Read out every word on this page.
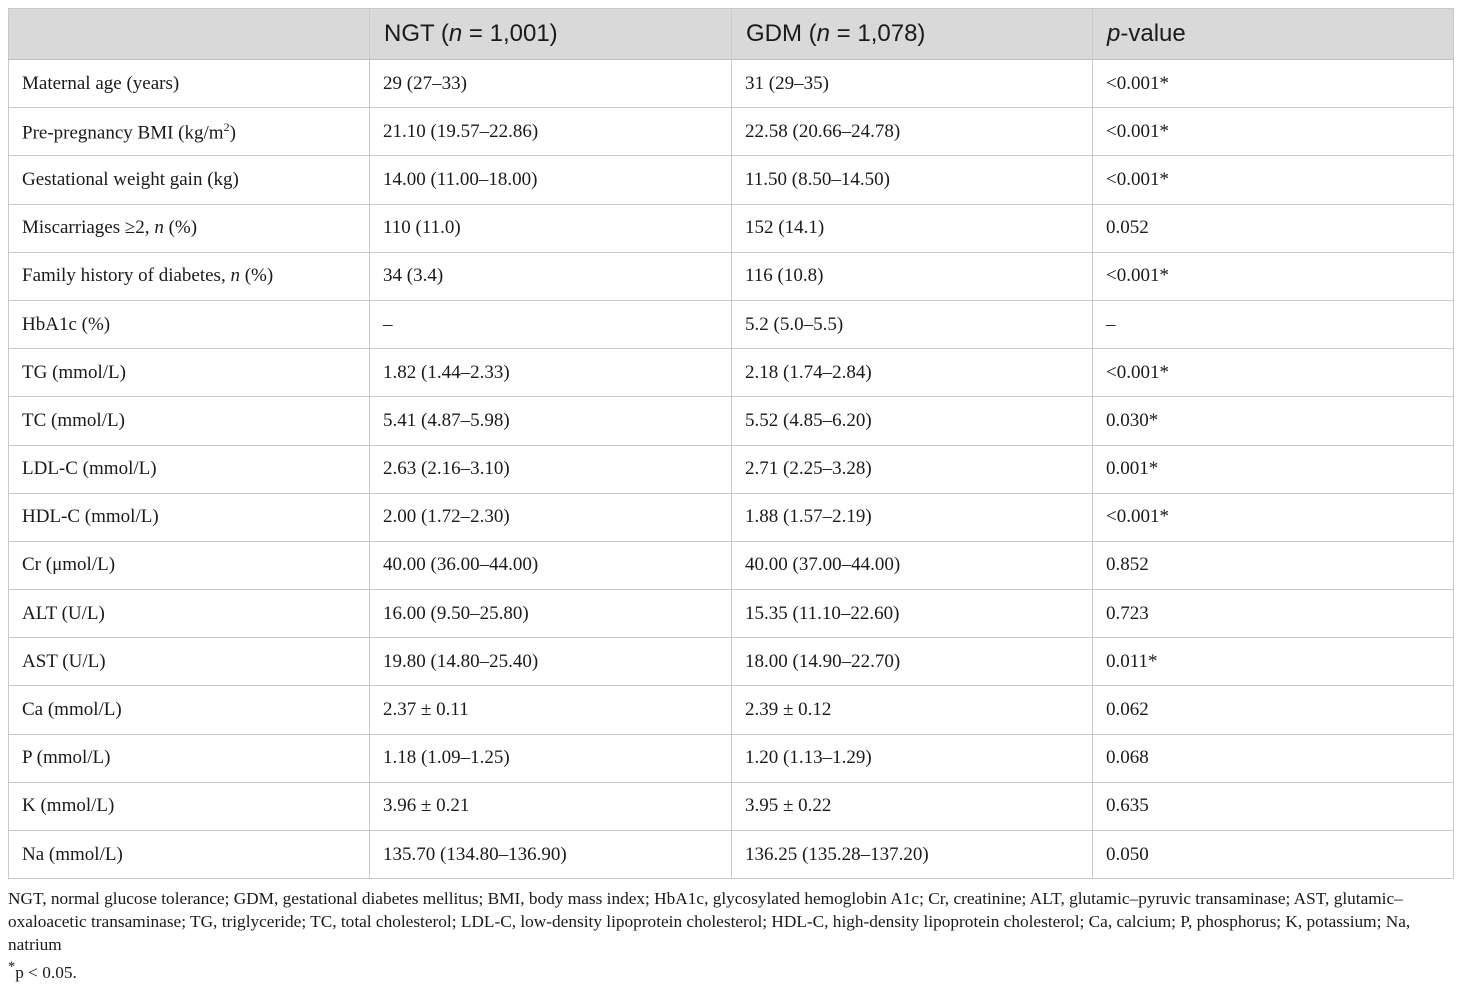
	NGT (n = 1,001)	GDM (n = 1,078)	p-value
Maternal age (years)	29 (27–33)	31 (29–35)	<0.001*
Pre-pregnancy BMI $(kg/m^2)$	21.10 (19.57–22.86)	22.58 (20.66–24.78)	<0.001*
Gestational weight gain (kg)	14.00 (11.00–18.00)	11.50 (8.50–14.50)	<0.001*
Miscarriages ≥2, n (%)	110 (11.0)	152 (14.1)	0.052
Family history of diabetes, n (%)	34 (3.4)	116 (10.8)	<0.001*
HbA1c (%)	–	5.2 (5.0–5.5)	–
TG (mmol/L)	1.82 (1.44–2.33)	2.18 (1.74–2.84)	<0.001*
TC (mmol/L)	5.41 (4.87–5.98)	5.52 (4.85–6.20)	0.030*
LDL-C (mmol/L)	2.63 (2.16–3.10)	2.71 (2.25–3.28)	0.001*
HDL-C (mmol/L)	2.00 (1.72–2.30)	1.88 (1.57–2.19)	<0.001*
Cr (μmol/L)	40.00 (36.00–44.00)	40.00 (37.00–44.00)	0.852
ALT (U/L)	16.00 (9.50–25.80)	15.35 (11.10–22.60)	0.723
AST (U/L)	19.80 (14.80–25.40)	18.00 (14.90–22.70)	0.011*
Ca (mmol/L)	2.37 ± 0.11	2.39 ± 0.12	0.062
P (mmol/L)	1.18 (1.09–1.25)	1.20 (1.13–1.29)	0.068
K (mmol/L)	3.96 ± 0.21	3.95 ± 0.22	0.635
Na (mmol/L)	135.70 (134.80–136.90)	136.25 (135.28–137.20)	0.050

NGT, normal glucose tolerance; GDM, gestational diabetes mellitus; BMI, body mass index; HbA1c, glycosylated hemoglobin A1c; Cr, creatinine; ALT, glutamic–pyruvic transaminase; AST, glutamic–oxaloacetic transaminase; TG, triglyceride; TC, total cholesterol; LDL-C, low-density lipoprotein cholesterol; HDL-C, high-density lipoprotein cholesterol; Ca, calcium; P, phosphorus; K, potassium; Na, natrium

*p < 0.05.
